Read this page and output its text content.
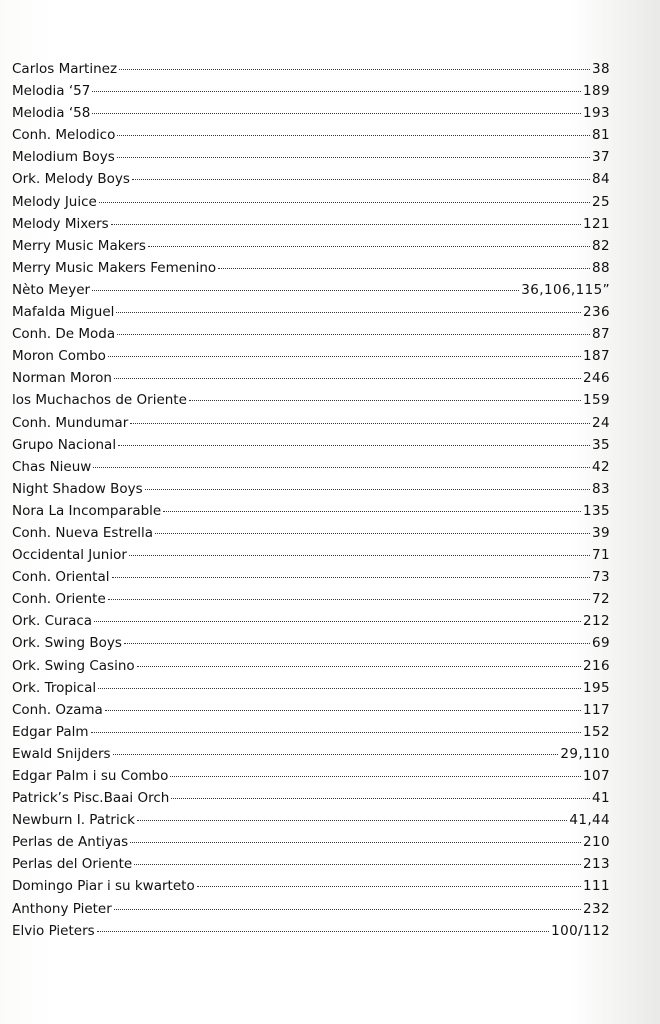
Carlos Martinez	38
Melodia ‘57	189
Melodia ‘58	193
Conh. Melodico	81
Melodium Boys	37
Ork. Melody Boys	84
Melody Juice	25
Melody Mixers	121
Merry Music Makers	82
Merry Music Makers Femenino	88
Nèto Meyer	36,106,115”
Mafalda Miguel	236
Conh. De Moda	87
Moron Combo	187
Norman Moron	246
los Muchachos de Oriente	159
Conh. Mundumar	24
Grupo Nacional	35
Chas Nieuw	42
Night Shadow Boys	83
Nora La Incomparable	135
Conh. Nueva Estrella	39
Occidental Junior	71
Conh. Oriental	73
Conh. Oriente	72
Ork. Curaca	212
Ork. Swing Boys	69
Ork. Swing Casino	216
Ork. Tropical	195
Conh. Ozama	117
Edgar Palm	152
Ewald Snijders	29,110
Edgar Palm i su Combo	107
Patrick’s Pisc.Baai Orch	41
Newburn I. Patrick	41,44
Perlas de Antiyas	210
Perlas del Oriente	213
Domingo Piar i su kwarteto	111
Anthony Pieter	232
Elvio Pieters	100/112
